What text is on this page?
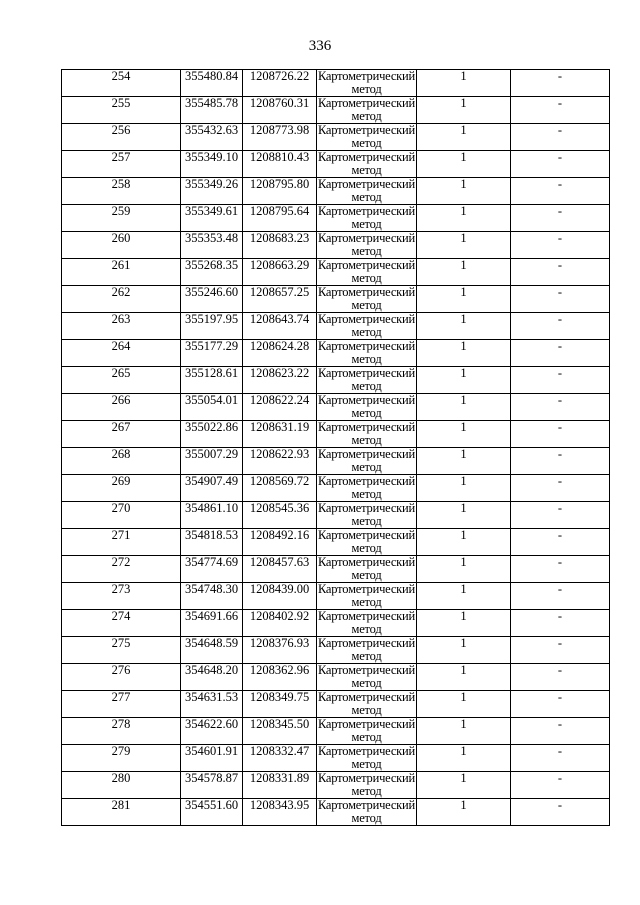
336
254	355480.84	1208726.22	Картометрический метод	1	-
255	355485.78	1208760.31	Картометрический метод	1	-
256	355432.63	1208773.98	Картометрический метод	1	-
257	355349.10	1208810.43	Картометрический метод	1	-
258	355349.26	1208795.80	Картометрический метод	1	-
259	355349.61	1208795.64	Картометрический метод	1	-
260	355353.48	1208683.23	Картометрический метод	1	-
261	355268.35	1208663.29	Картометрический метод	1	-
262	355246.60	1208657.25	Картометрический метод	1	-
263	355197.95	1208643.74	Картометрический метод	1	-
264	355177.29	1208624.28	Картометрический метод	1	-
265	355128.61	1208623.22	Картометрический метод	1	-
266	355054.01	1208622.24	Картометрический метод	1	-
267	355022.86	1208631.19	Картометрический метод	1	-
268	355007.29	1208622.93	Картометрический метод	1	-
269	354907.49	1208569.72	Картометрический метод	1	-
270	354861.10	1208545.36	Картометрический метод	1	-
271	354818.53	1208492.16	Картометрический метод	1	-
272	354774.69	1208457.63	Картометрический метод	1	-
273	354748.30	1208439.00	Картометрический метод	1	-
274	354691.66	1208402.92	Картометрический метод	1	-
275	354648.59	1208376.93	Картометрический метод	1	-
276	354648.20	1208362.96	Картометрический метод	1	-
277	354631.53	1208349.75	Картометрический метод	1	-
278	354622.60	1208345.50	Картометрический метод	1	-
279	354601.91	1208332.47	Картометрический метод	1	-
280	354578.87	1208331.89	Картометрический метод	1	-
281	354551.60	1208343.95	Картометрический метод	1	-
